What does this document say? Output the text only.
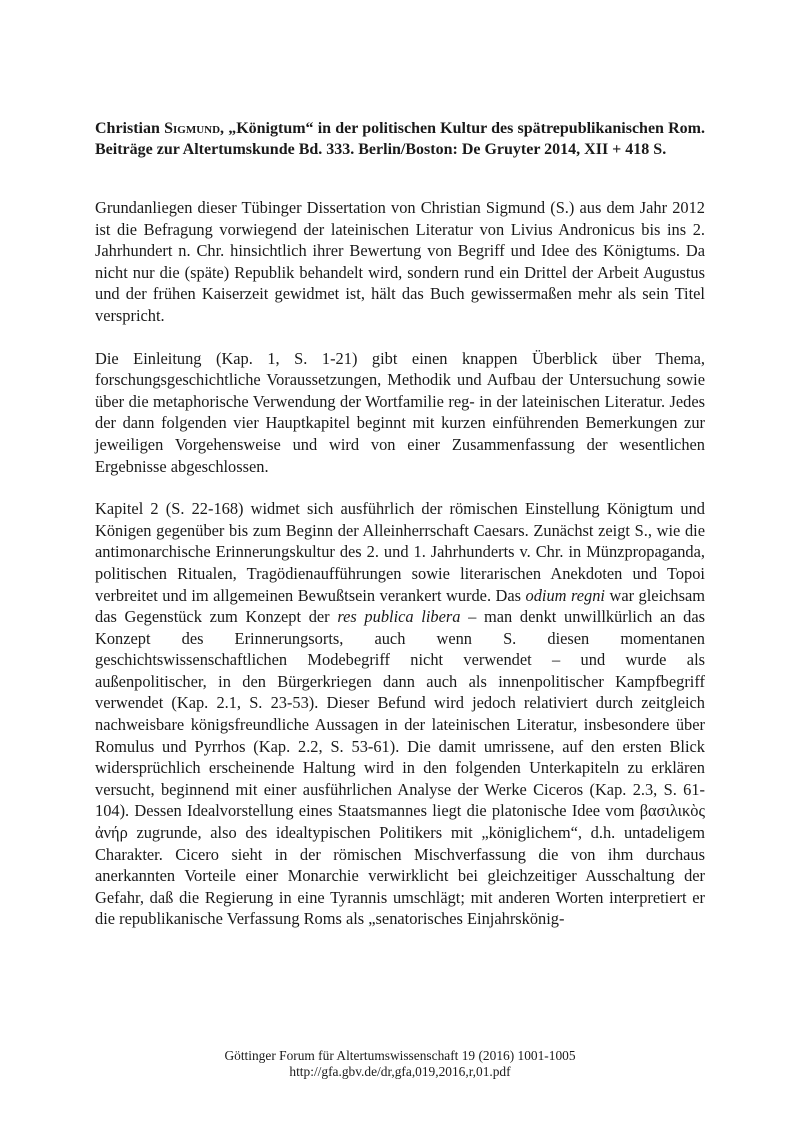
Christian Sigmund, „Königtum“ in der politischen Kultur des spätrepublikanischen Rom. Beiträge zur Altertumskunde Bd. 333. Berlin/Boston: De Gruyter 2014, XII + 418 S.

Grundanliegen dieser Tübinger Dissertation von Christian Sigmund (S.) aus dem Jahr 2012 ist die Befragung vorwiegend der lateinischen Literatur von Livius Andronicus bis ins 2. Jahrhundert n. Chr. hinsichtlich ihrer Bewertung von Begriff und Idee des Königtums. Da nicht nur die (späte) Republik behandelt wird, sondern rund ein Drittel der Arbeit Augustus und der frühen Kaiserzeit gewidmet ist, hält das Buch gewissermaßen mehr als sein Titel verspricht.

Die Einleitung (Kap. 1, S. 1-21) gibt einen knappen Überblick über Thema, forschungsgeschichtliche Voraussetzungen, Methodik und Aufbau der Untersuchung sowie über die metaphorische Verwendung der Wortfamilie reg- in der lateinischen Literatur. Jedes der dann folgenden vier Hauptkapitel beginnt mit kurzen einführenden Bemerkungen zur jeweiligen Vorgehensweise und wird von einer Zusammenfassung der wesentlichen Ergebnisse abgeschlossen.

Kapitel 2 (S. 22-168) widmet sich ausführlich der römischen Einstellung Königtum und Königen gegenüber bis zum Beginn der Alleinherrschaft Caesars. Zunächst zeigt S., wie die antimonarchische Erinnerungskultur des 2. und 1. Jahrhunderts v. Chr. in Münzpropaganda, politischen Ritualen, Tragödienaufführungen sowie literarischen Anekdoten und Topoi verbreitet und im allgemeinen Bewußtsein verankert wurde. Das odium regni war gleichsam das Gegenstück zum Konzept der res publica libera – man denkt unwillkürlich an das Konzept des Erinnerungsorts, auch wenn S. diesen momentanen geschichtswissenschaftlichen Modebegriff nicht verwendet – und wurde als außenpolitischer, in den Bürgerkriegen dann auch als innenpolitischer Kampfbegriff verwendet (Kap. 2.1, S. 23-53). Dieser Befund wird jedoch relativiert durch zeitgleich nachweisbare königsfreundliche Aussagen in der lateinischen Literatur, insbesondere über Romulus und Pyrrhos (Kap. 2.2, S. 53-61). Die damit umrissene, auf den ersten Blick widersprüchlich erscheinende Haltung wird in den folgenden Unterkapiteln zu erklären versucht, beginnend mit einer ausführlichen Analyse der Werke Ciceros (Kap. 2.3, S. 61-104). Dessen Idealvorstellung eines Staatsmannes liegt die platonische Idee vom βασιλικὸς ἀνήρ zugrunde, also des idealtypischen Politikers mit „königlichem“, d.h. untadeligem Charakter. Cicero sieht in der römischen Mischverfassung die von ihm durchaus anerkannten Vorteile einer Monarchie verwirklicht bei gleichzeitiger Ausschaltung der Gefahr, daß die Regierung in eine Tyrannis umschlägt; mit anderen Worten interpretiert er die republikanische Verfassung Roms als „senatorisches Einjahrskönig-

Göttinger Forum für Altertumswissenschaft 19 (2016) 1001-1005
http://gfa.gbv.de/dr,gfa,019,2016,r,01.pdf
